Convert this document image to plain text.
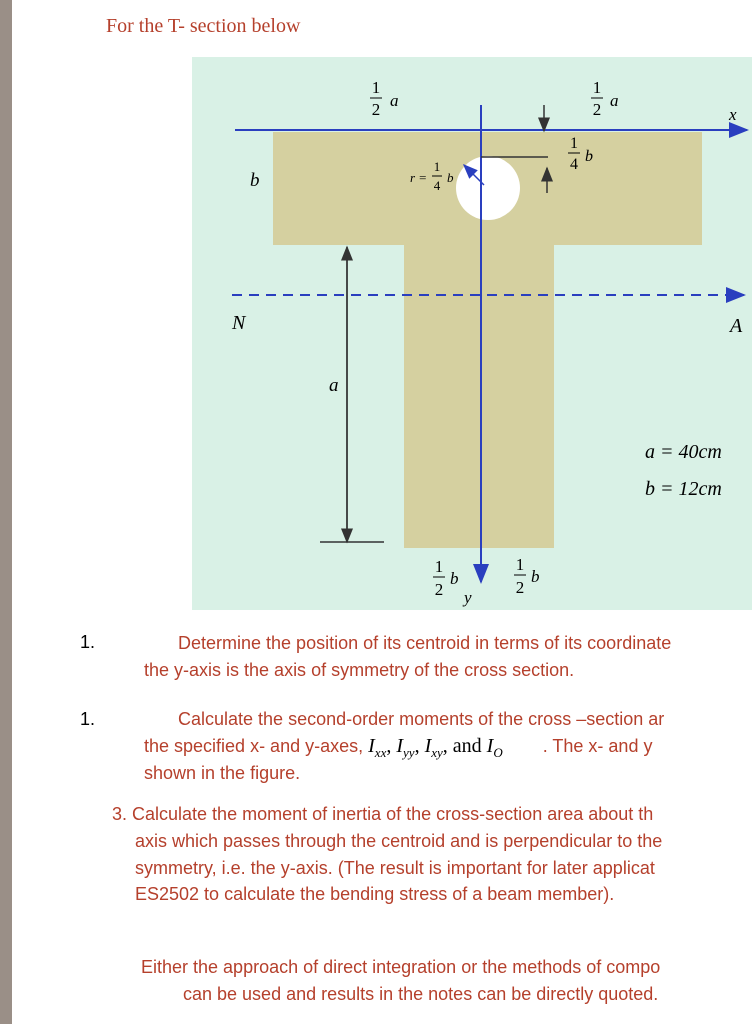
For the T- section below
1
2 a
1
2 a
1
4 b
r =
1
4
b
b
x
y
N	A
a
1
2
b
1
2
b
a = 40cm
b = 12cm
1.	Determine the position of its centroid in terms of its coordinate
the y-axis is the axis of symmetry of the cross section.
1.	Calculate the second-order moments of the cross –section ar
the specified x- and y-axes, $I_{xx}$, $I_{yy}$, $I_{xy}$, and $I_O$ . The x- and y
shown in the figure.
3. Calculate the moment of inertia of the cross-section area about th
axis which passes through the centroid and is perpendicular to the
symmetry, i.e. the y-axis. (The result is important for later applicat
ES2502 to calculate the bending stress of a beam member).
Either the approach of direct integration or the methods of compo
can be used and results in the notes can be directly quoted.
